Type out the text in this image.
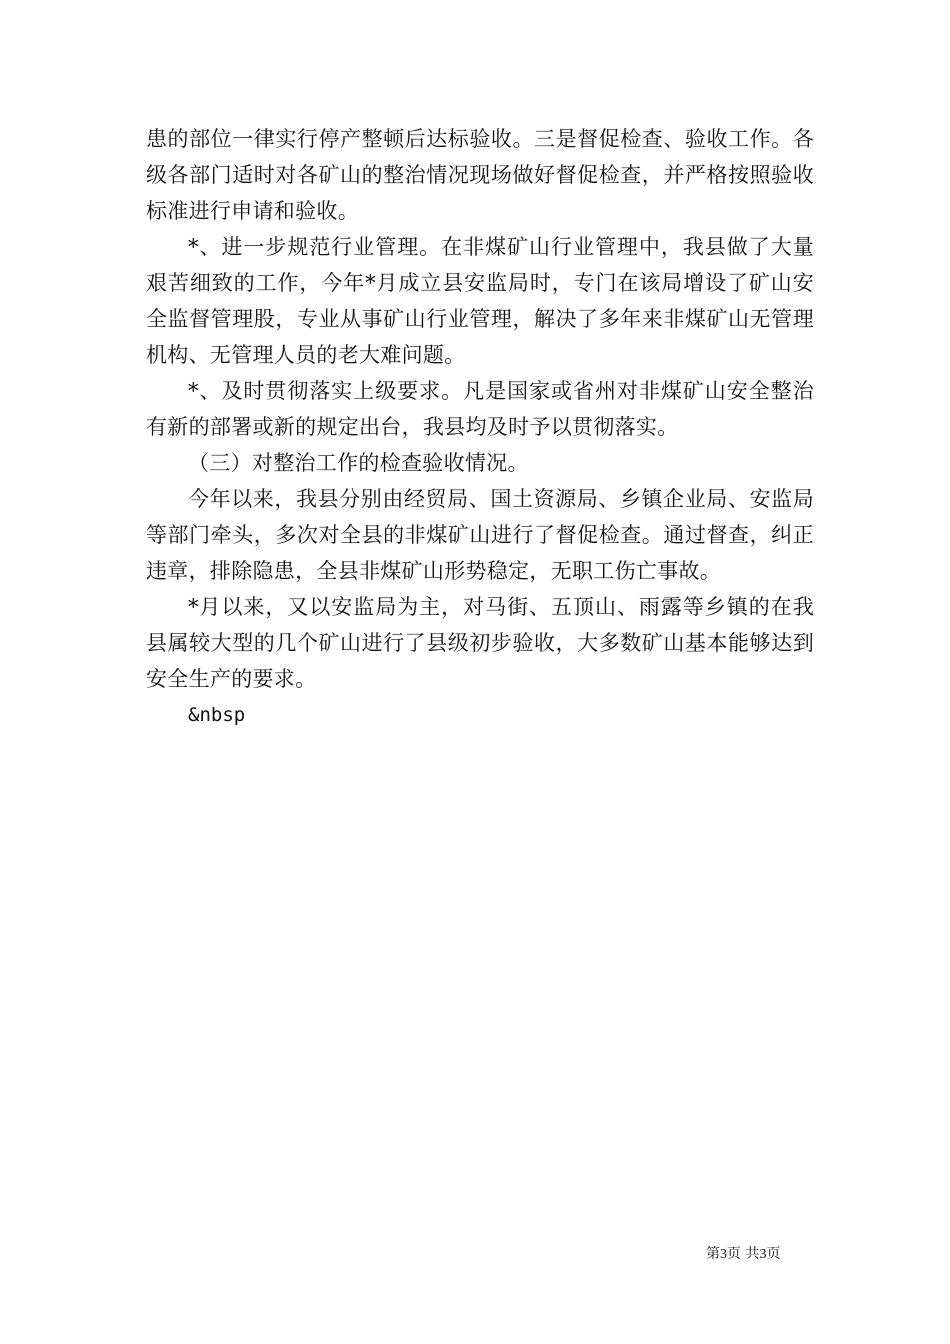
患的部位一律实行停产整顿后达标验收。三是督促检查、验收工作。各级各部门适时对各矿山的整治情况现场做好督促检查，并严格按照验收标准进行申请和验收。

*、进一步规范行业管理。在非煤矿山行业管理中，我县做了大量艰苦细致的工作，今年*月成立县安监局时，专门在该局增设了矿山安全监督管理股，专业从事矿山行业管理，解决了多年来非煤矿山无管理机构、无管理人员的老大难问题。

*、及时贯彻落实上级要求。凡是国家或省州对非煤矿山安全整治有新的部署或新的规定出台，我县均及时予以贯彻落实。

（三）对整治工作的检查验收情况。

今年以来，我县分别由经贸局、国土资源局、乡镇企业局、安监局等部门牵头，多次对全县的非煤矿山进行了督促检查。通过督查，纠正违章，排除隐患，全县非煤矿山形势稳定，无职工伤亡事故。

*月以来，又以安监局为主，对马街、五顶山、雨露等乡镇的在我县属较大型的几个矿山进行了县级初步验收，大多数矿山基本能够达到安全生产的要求。

&nbsp

第3页 共3页
